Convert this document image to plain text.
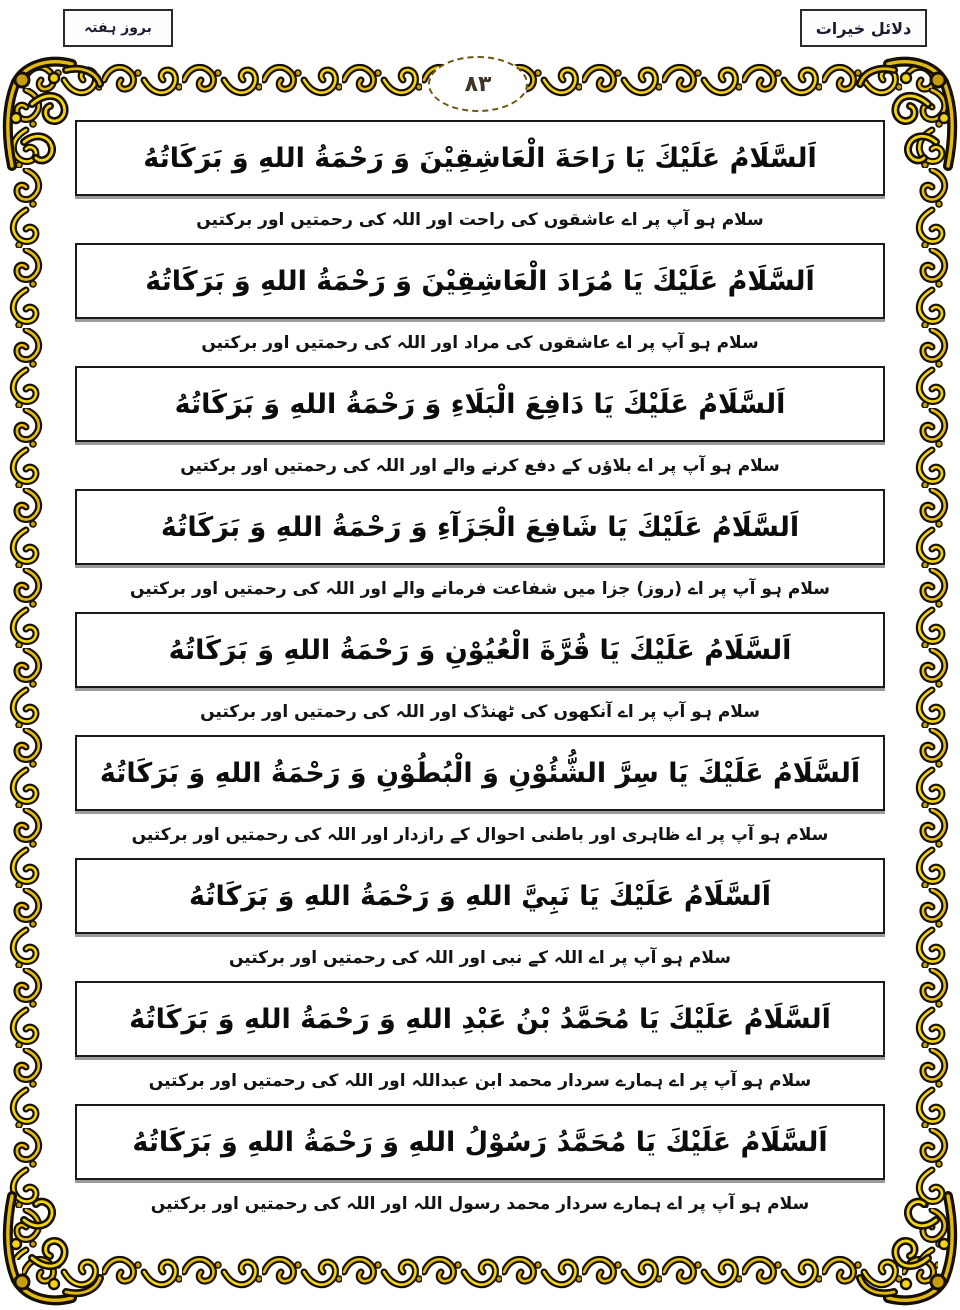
بروز ہفتہ	دلائل خیرات
۸۳
اَلسَّلَامُ عَلَيْكَ يَا رَاحَةَ الْعَاشِقِيْنَ وَ رَحْمَةُ اللهِ وَ بَرَكَاتُهُ
سلام ہو آپ پر اے عاشقوں کی راحت اور اللہ کی رحمتیں اور برکتیں
اَلسَّلَامُ عَلَيْكَ يَا مُرَادَ الْعَاشِقِيْنَ وَ رَحْمَةُ اللهِ وَ بَرَكَاتُهُ
سلام ہو آپ پر اے عاشقوں کی مراد اور اللہ کی رحمتیں اور برکتیں
اَلسَّلَامُ عَلَيْكَ يَا دَافِعَ الْبَلَاءِ وَ رَحْمَةُ اللهِ وَ بَرَكَاتُهُ
سلام ہو آپ پر اے بلاؤں کے دفع کرنے والے اور اللہ کی رحمتیں اور برکتیں
اَلسَّلَامُ عَلَيْكَ يَا شَافِعَ الْجَزَآءِ وَ رَحْمَةُ اللهِ وَ بَرَكَاتُهُ
سلام ہو آپ پر اے (روز) جزا میں شفاعت فرمانے والے اور اللہ کی رحمتیں اور برکتیں
اَلسَّلَامُ عَلَيْكَ يَا قُرَّةَ الْعُيُوْنِ وَ رَحْمَةُ اللهِ وَ بَرَكَاتُهُ
سلام ہو آپ پر اے آنکھوں کی ٹھنڈک اور اللہ کی رحمتیں اور برکتیں
اَلسَّلَامُ عَلَيْكَ يَا سِرَّ الشُّئُوْنِ وَ الْبُطُوْنِ وَ رَحْمَةُ اللهِ وَ بَرَكَاتُهُ
سلام ہو آپ پر اے ظاہری اور باطنی احوال کے رازدار اور اللہ کی رحمتیں اور برکتیں
اَلسَّلَامُ عَلَيْكَ يَا نَبِيَّ اللهِ وَ رَحْمَةُ اللهِ وَ بَرَكَاتُهُ
سلام ہو آپ پر اے اللہ کے نبی اور اللہ کی رحمتیں اور برکتیں
اَلسَّلَامُ عَلَيْكَ يَا مُحَمَّدُ بْنُ عَبْدِ اللهِ وَ رَحْمَةُ اللهِ وَ بَرَكَاتُهُ
سلام ہو آپ پر اے ہمارے سردار محمد ابن عبداللہ اور اللہ کی رحمتیں اور برکتیں
اَلسَّلَامُ عَلَيْكَ يَا مُحَمَّدُ رَسُوْلُ اللهِ وَ رَحْمَةُ اللهِ وَ بَرَكَاتُهُ
سلام ہو آپ پر اے ہمارے سردار محمد رسول اللہ اور اللہ کی رحمتیں اور برکتیں
